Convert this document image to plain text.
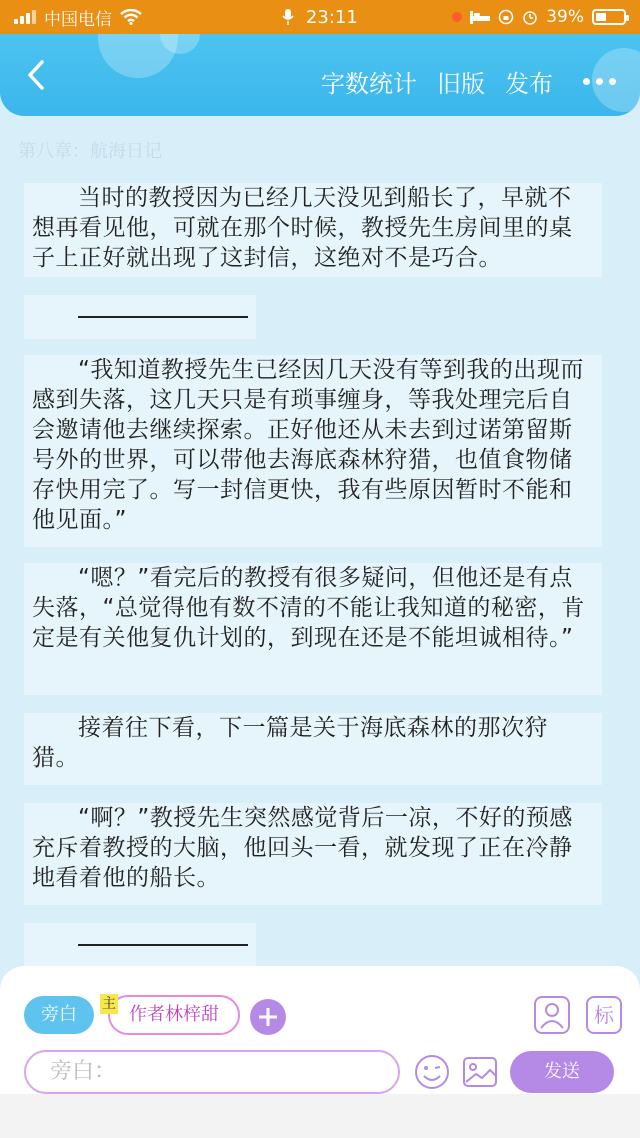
中国电信	23:11	39%
字数统计 旧版 发布
第八章：航海日记
当时的教授因为已经几天没见到船长了，早就不想再看见他，可就在那个时候，教授先生房间里的桌子上正好就出现了这封信，这绝对不是巧合。
“我知道教授先生已经因几天没有等到我的出现而感到失落，这几天只是有琐事缠身，等我处理完后自会邀请他去继续探索。正好他还从未去到过诺第留斯号外的世界，可以带他去海底森林狩猎，也值食物储存快用完了。写一封信更快，我有些原因暂时不能和他见面。”
“嗯？”看完后的教授有很多疑问，但他还是有点失落，“总觉得他有数不清的不能让我知道的秘密，肯定是有关他复仇计划的，到现在还是不能坦诚相待。”
接着往下看，下一篇是关于海底森林的那次狩猎。
“啊？”教授先生突然感觉背后一凉，不好的预感充斥着教授的大脑，他回头一看，就发现了正在冷静地看着他的船长。
旁白	作者林梓甜
主	标
旁白：	发送
